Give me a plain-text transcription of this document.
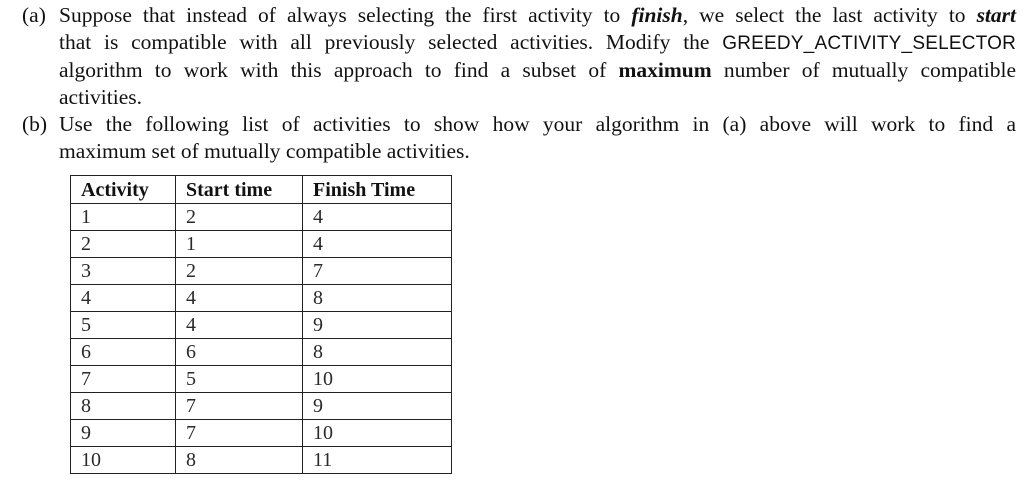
(a) Suppose that instead of always selecting the first activity to finish, we select the last activity to start
that is compatible with all previously selected activities. Modify the GREEDY_ACTIVITY_SELECTOR
algorithm to work with this approach to find a subset of maximum number of mutually compatible
activities.
(b) Use the following list of activities to show how your algorithm in (a) above will work to find a
maximum set of mutually compatible activities.
Activity	Start time	Finish Time
1	2	4
2	1	4
3	2	7
4	4	8
5	4	9
6	6	8
7	5	10
8	7	9
9	7	10
10	8	11
